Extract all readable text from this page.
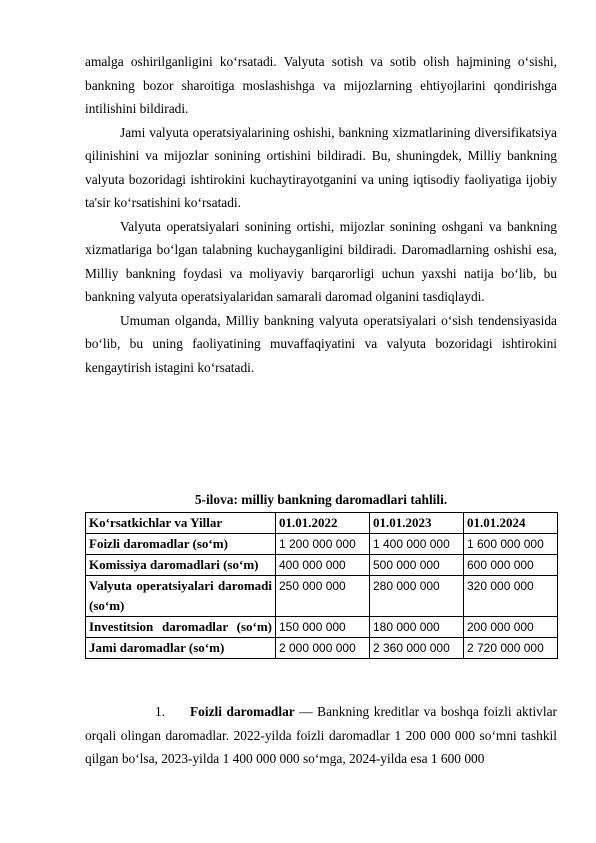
amalga oshirilganligini ko‘rsatadi. Valyuta sotish va sotib olish hajmining o‘sishi, bankning bozor sharoitiga moslashishga va mijozlarning ehtiyojlarini qondirishga intilishini bildiradi.

Jami valyuta operatsiyalarining oshishi, bankning xizmatlarining diversifikatsiya qilinishini va mijozlar sonining ortishini bildiradi. Bu, shuningdek, Milliy bankning valyuta bozoridagi ishtirokini kuchaytirayotganini va uning iqtisodiy faoliyatiga ijobiy ta'sir ko‘rsatishini ko‘rsatadi.

Valyuta operatsiyalari sonining ortishi, mijozlar sonining oshgani va bankning xizmatlariga bo‘lgan talabning kuchayganligini bildiradi. Daromadlarning oshishi esa, Milliy bankning foydasi va moliyaviy barqarorligi uchun yaxshi natija bo‘lib, bu bankning valyuta operatsiyalaridan samarali daromad olganini tasdiqlaydi.

Umuman olganda, Milliy bankning valyuta operatsiyalari o‘sish tendensiyasida bo‘lib, bu uning faoliyatining muvaffaqiyatini va valyuta bozoridagi ishtirokini kengaytirish istagini ko‘rsatadi.

5-ilova: milliy bankning daromadlari tahlili.
Ko‘rsatkichlar va Yillar	01.01.2022	01.01.2023	01.01.2024
Foizli daromadlar (so‘m)	1 200 000 000	1 400 000 000	1 600 000 000
Komissiya daromadlari (so‘m)	400 000 000	500 000 000	600 000 000
Valyuta operatsiyalari daromadi (so‘m)	250 000 000	280 000 000	320 000 000
Investitsion daromadlar (so‘m)	150 000 000	180 000 000	200 000 000
Jami daromadlar (so‘m)	2 000 000 000	2 360 000 000	2 720 000 000

1. Foizli daromadlar — Bankning kreditlar va boshqa foizli aktivlar orqali olingan daromadlar. 2022-yilda foizli daromadlar 1 200 000 000 so‘mni tashkil qilgan bo‘lsa, 2023-yilda 1 400 000 000 so‘mga, 2024-yilda esa 1 600 000
